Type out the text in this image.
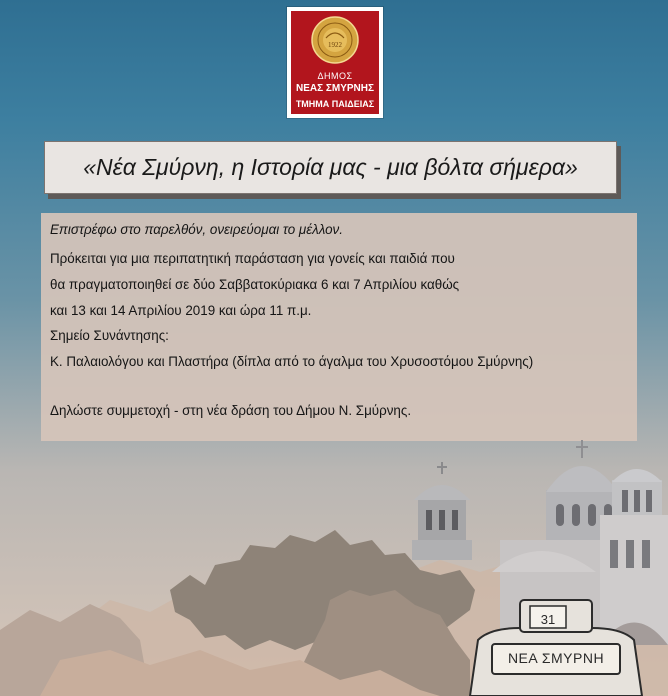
1922
ΔΗΜΟΣ
ΝΕΑΣ ΣΜΥΡΝΗΣ
ΤΜΗΜΑ ΠΑΙΔΕΙΑΣ
«Νέα Σμύρνη, η Ιστορία μας - μια βόλτα σήμερα»
Επιστρέφω στο παρελθόν, ονειρεύομαι το μέλλον.
Πρόκειται για μια περιπατητική παράσταση για γονείς και παιδιά που
θα πραγματοποιηθεί σε δύο Σαββατοκύριακα 6 και 7 Απριλίου καθώς
και 13 και 14 Απριλίου 2019 και ώρα 11 π.μ.
Σημείο Συνάντησης:
Κ. Παλαιολόγου και Πλαστήρα (δίπλα από το άγαλμα του Χρυσοστόμου Σμύρνης)
Δηλώστε συμμετοχή - στη νέα δράση του Δήμου Ν. Σμύρνης.
31
ΝΕΑ ΣΜΥΡΝΗ
